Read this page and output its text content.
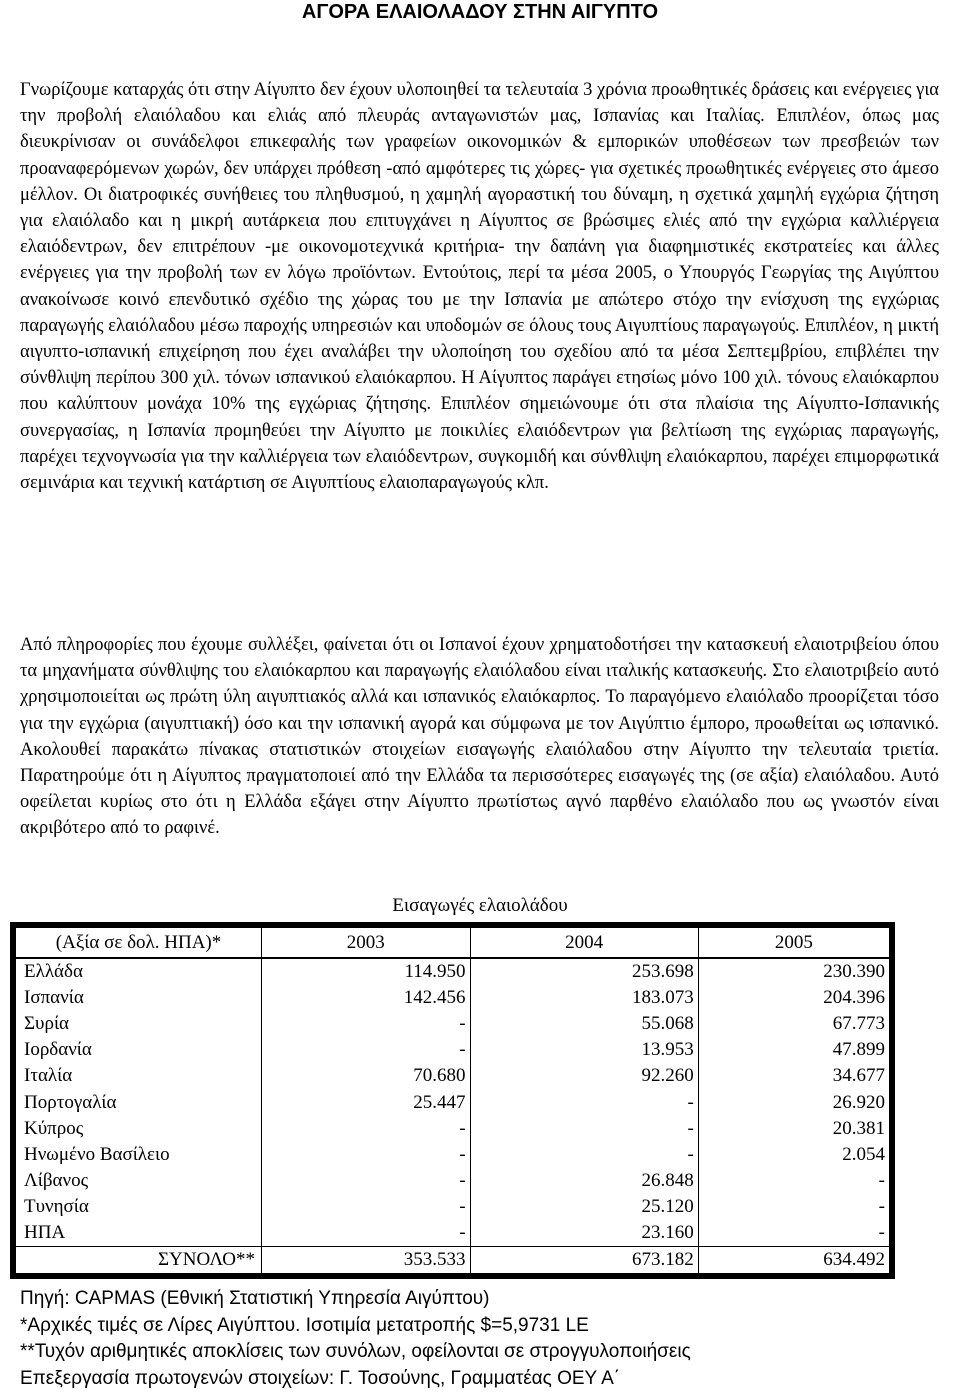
ΑΓΟΡΑ ΕΛΑΙΟΛΑΔΟΥ ΣΤΗΝ ΑΙΓΥΠΤΟ

Γνωρίζουμε καταρχάς ότι στην Αίγυπτο δεν έχουν υλοποιηθεί τα τελευταία 3 χρόνια προωθητικές δράσεις και ενέργειες για την προβολή ελαιόλαδου και ελιάς από πλευράς ανταγωνιστών μας, Ισπανίας και Ιταλίας. Επιπλέον, όπως μας διευκρίνισαν οι συνάδελφοι επικεφαλής των γραφείων οικονομικών & εμπορικών υποθέσεων των πρεσβειών των προαναφερόμενων χωρών, δεν υπάρχει πρόθεση -από αμφότερες τις χώρες- για σχετικές προωθητικές ενέργειες στο άμεσο μέλλον. Οι διατροφικές συνήθειες του πληθυσμού, η χαμηλή αγοραστική του δύναμη, η σχετικά χαμηλή εγχώρια ζήτηση για ελαιόλαδο και η μικρή αυτάρκεια που επιτυγχάνει η Αίγυπτος σε βρώσιμες ελιές από την εγχώρια καλλιέργεια ελαιόδεντρων, δεν επιτρέπουν -με οικονομοτεχνικά κριτήρια- την δαπάνη για διαφημιστικές εκστρατείες και άλλες ενέργειες για την προβολή των εν λόγω προϊόντων. Εντούτοις, περί τα μέσα 2005, ο Υπουργός Γεωργίας της Αιγύπτου ανακοίνωσε κοινό επενδυτικό σχέδιο της χώρας του με την Ισπανία με απώτερο στόχο την ενίσχυση της εγχώριας παραγωγής ελαιόλαδου μέσω παροχής υπηρεσιών και υποδομών σε όλους τους Αιγυπτίους παραγωγούς. Επιπλέον, η μικτή αιγυπτο-ισπανική επιχείρηση που έχει αναλάβει την υλοποίηση του σχεδίου από τα μέσα Σεπτεμβρίου, επιβλέπει την σύνθλιψη περίπου 300 χιλ. τόνων ισπανικού ελαιόκαρπου. Η Αίγυπτος παράγει ετησίως μόνο 100 χιλ. τόνους ελαιόκαρπου που καλύπτουν μονάχα 10% της εγχώριας ζήτησης. Επιπλέον σημειώνουμε ότι στα πλαίσια της Αίγυπτο-Ισπανικής συνεργασίας, η Ισπανία προμηθεύει την Αίγυπτο με ποικιλίες ελαιόδεντρων για βελτίωση της εγχώριας παραγωγής, παρέχει τεχνογνωσία για την καλλιέργεια των ελαιόδεντρων, συγκομιδή και σύνθλιψη ελαιόκαρπου, παρέχει επιμορφωτικά σεμινάρια και τεχνική κατάρτιση σε Αιγυπτίους ελαιοπαραγωγούς κλπ.

Από πληροφορίες που έχουμε συλλέξει, φαίνεται ότι οι Ισπανοί έχουν χρηματοδοτήσει την κατασκευή ελαιοτριβείου όπου τα μηχανήματα σύνθλιψης του ελαιόκαρπου και παραγωγής ελαιόλαδου είναι ιταλικής κατασκευής. Στο ελαιοτριβείο αυτό χρησιμοποιείται ως πρώτη ύλη αιγυπτιακός αλλά και ισπανικός ελαιόκαρπος. Το παραγόμενο ελαιόλαδο προορίζεται τόσο για την εγχώρια (αιγυπτιακή) όσο και την ισπανική αγορά και σύμφωνα με τον Αιγύπτιο έμπορο, προωθείται ως ισπανικό. Ακολουθεί παρακάτω πίνακας στατιστικών στοιχείων εισαγωγής ελαιόλαδου στην Αίγυπτο την τελευταία τριετία. Παρατηρούμε ότι η Αίγυπτος πραγματοποιεί από την Ελλάδα τα περισσότερες εισαγωγές της (σε αξία) ελαιόλαδου. Αυτό οφείλεται κυρίως στο ότι η Ελλάδα εξάγει στην Αίγυπτο πρωτίστως αγνό παρθένο ελαιόλαδο που ως γνωστόν είναι ακριβότερο από το ραφινέ.

Εισαγωγές ελαιολάδου
(Αξία σε δολ. ΗΠΑ)*	2003	2004	2005
Ελλάδα	114.950	253.698	230.390
Ισπανία	142.456	183.073	204.396
Συρία	-	55.068	67.773
Ιορδανία	-	13.953	47.899
Ιταλία	70.680	92.260	34.677
Πορτογαλία	25.447	-	26.920
Κύπρος	-	-	20.381
Ηνωμένο Βασίλειο	-	-	2.054
Λίβανος	-	26.848	-
Τυνησία	-	25.120	-
ΗΠΑ	-	23.160	-
ΣΥΝΟΛΟ**	353.533	673.182	634.492
Πηγή: CAPMAS (Εθνική Στατιστική Υπηρεσία Αιγύπτου)
*Αρχικές τιμές σε Λίρες Αιγύπτου. Ισοτιμία μετατροπής $=5,9731 LE
**Τυχόν αριθμητικές αποκλίσεις των συνόλων, οφείλονται σε στρογγυλοποιήσεις
Επεξεργασία πρωτογενών στοιχείων: Γ. Τοσούνης, Γραμματέας ΟΕΥ Α΄
